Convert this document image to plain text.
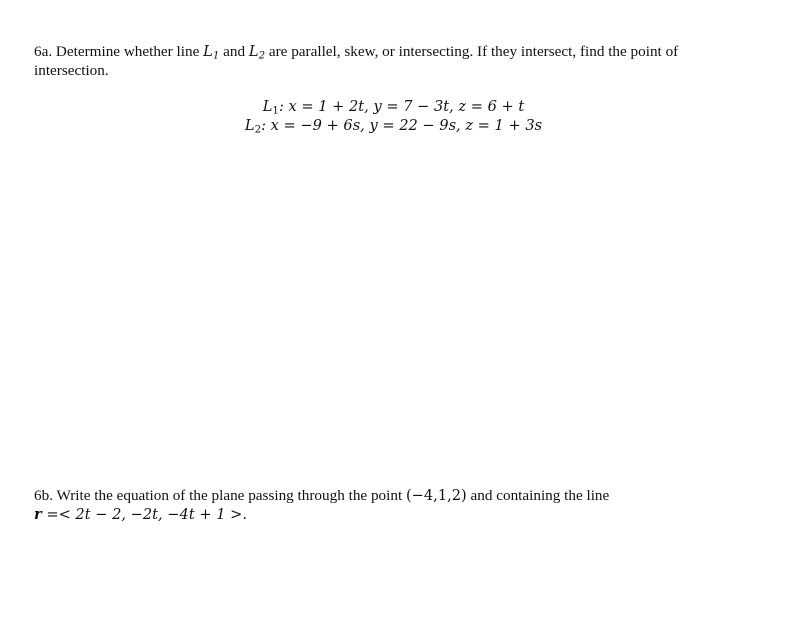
6a. Determine whether line $L_1$ and $L_2$ are parallel, skew, or intersecting. If they intersect, find the point of
intersection.
$L_1$: x = 1 + 2t, y = 7 − 3t, z = 6 + t
$L_2$: x = −9 + 6s, y = 22 − 9s, z = 1 + 3s
6b. Write the equation of the plane passing through the point (−4,1,2) and containing the line
r =< 2t − 2, −2t, −4t + 1 >.
